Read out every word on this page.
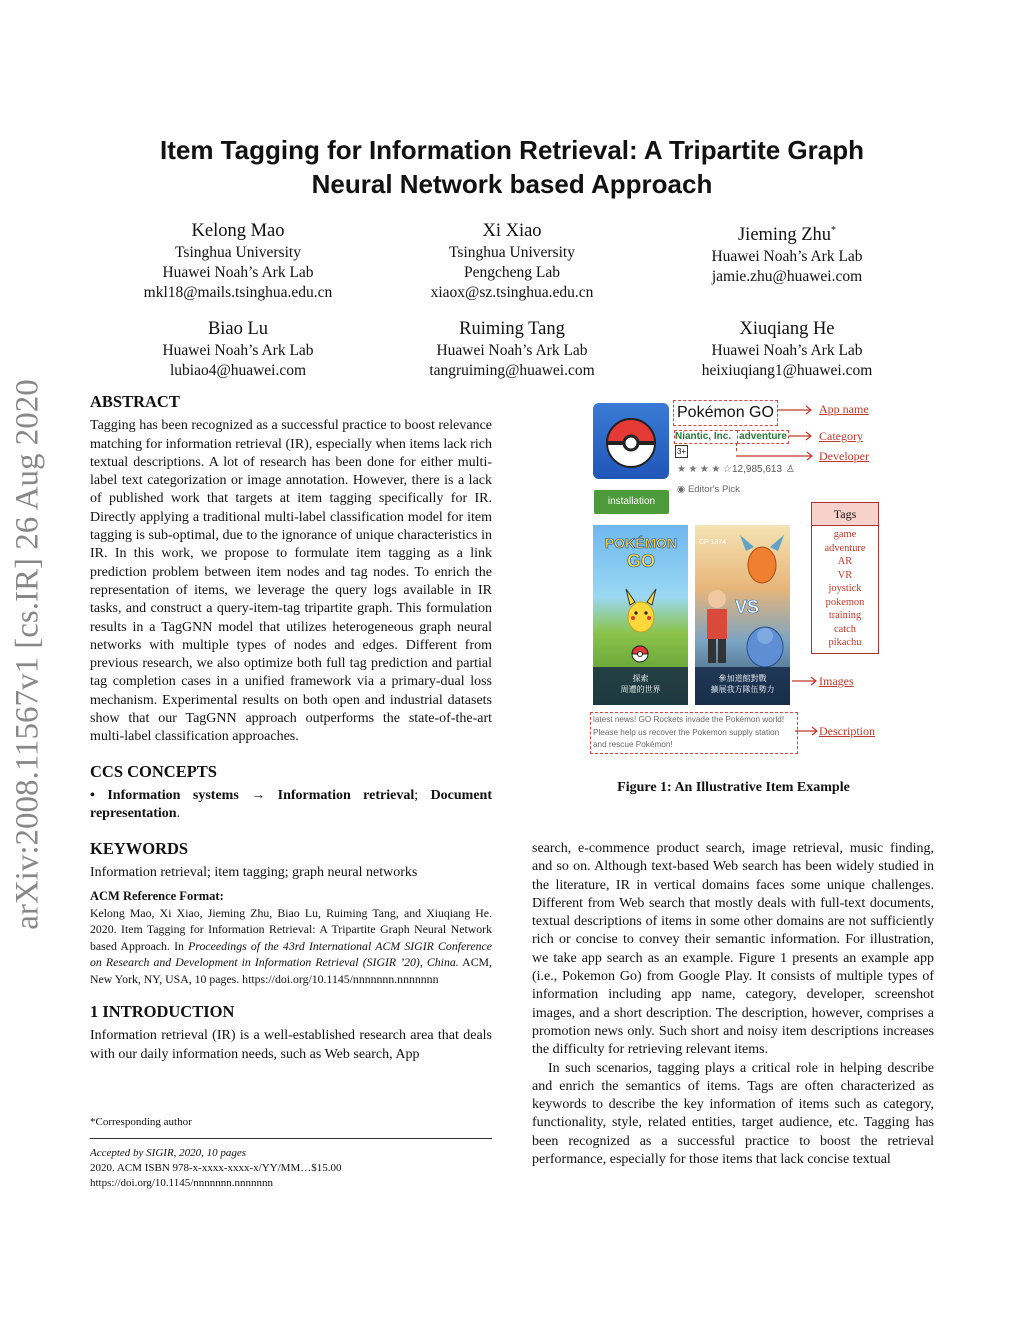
Item Tagging for Information Retrieval: A Tripartite Graph
Neural Network based Approach
Kelong Mao
Tsinghua University
Huawei Noah’s Ark Lab
mkl18@mails.tsinghua.edu.cn
Xi Xiao
Tsinghua University
Pengcheng Lab
xiaox@sz.tsinghua.edu.cn
Jieming Zhu*
Huawei Noah’s Ark Lab
jamie.zhu@huawei.com
Biao Lu
Huawei Noah’s Ark Lab
lubiao4@huawei.com
Ruiming Tang
Huawei Noah’s Ark Lab
tangruiming@huawei.com
Xiuqiang He
Huawei Noah’s Ark Lab
heixiuqiang1@huawei.com
arXiv:2008.11567v1 [cs.IR] 26 Aug 2020	ABSTRACT

Tagging has been recognized as a successful practice to boost relevance matching for information retrieval (IR), especially when items lack rich textual descriptions. A lot of research has been done for either multi-label text categorization or image annotation. However, there is a lack of published work that targets at item tagging specifically for IR. Directly applying a traditional multi-label classification model for item tagging is sub-optimal, due to the ignorance of unique characteristics in IR. In this work, we propose to formulate item tagging as a link prediction problem between item nodes and tag nodes. To enrich the representation of items, we leverage the query logs available in IR tasks, and construct a query-item-tag tripartite graph. This formulation results in a TagGNN model that utilizes heterogeneous graph neural networks with multiple types of nodes and edges. Different from previous research, we also optimize both full tag prediction and partial tag completion cases in a unified framework via a primary-dual loss mechanism. Experimental results on both open and industrial datasets show that our TagGNN approach outperforms the state-of-the-art multi-label classification approaches.

CCS CONCEPTS

• Information systems → Information retrieval; Document representation.

KEYWORDS

Information retrieval; item tagging; graph neural networks

ACM Reference Format:

Kelong Mao, Xi Xiao, Jieming Zhu, Biao Lu, Ruiming Tang, and Xiuqiang He. 2020. Item Tagging for Information Retrieval: A Tripartite Graph Neural Network based Approach. In Proceedings of the 43rd International ACM SIGIR Conference on Research and Development in Information Retrieval (SIGIR ’20), China. ACM, New York, NY, USA, 10 pages. https://doi.org/10.1145/nnnnnnn.nnnnnnn

1 INTRODUCTION

Information retrieval (IR) is a well-established research area that deals with our daily information needs, such as Web search, App

*Corresponding author
Accepted by SIGIR, 2020, 10 pages
2020. ACM ISBN 978-x-xxxx-xxxx-x/YY/MM…$15.00
https://doi.org/10.1145/nnnnnnn.nnnnnnn
Pokémon GO
Niantic, Inc. adventure
3+
★ ★ ★ ★ ☆ 12,985,613 ♙
◉ Editor's Pick
App name
Category
Developer
installation
POKÉMON
GO
探索
周遭的世界
CP 1374
VS
參加道館對戰
擴展我方隊伍勢力
Tags
game
adventure
AR
VR
joystick
pokemon
training
catch
pikachu
Images
latest news! GO Rockets invade the Pokémon world! Please help us recover the Pokemon supply station and rescue Pokémon!
Description
Figure 1: An Illustrative Item Example

search, e-commence product search, image retrieval, music finding, and so on. Although text-based Web search has been widely studied in the literature, IR in vertical domains faces some unique challenges. Different from Web search that mostly deals with full-text documents, textual descriptions of items in some other domains are not sufficiently rich or concise to convey their semantic information. For illustration, we take app search as an example. Figure 1 presents an example app (i.e., Pokemon Go) from Google Play. It consists of multiple types of information including app name, category, developer, screenshot images, and a short description. The description, however, comprises a promotion news only. Such short and noisy item descriptions increases the difficulty for retrieving relevant items.

In such scenarios, tagging plays a critical role in helping describe and enrich the semantics of items. Tags are often characterized as keywords to describe the key information of items such as category, functionality, style, related entities, target audience, etc. Tagging has been recognized as a successful practice to boost the retrieval performance, especially for those items that lack concise textual
